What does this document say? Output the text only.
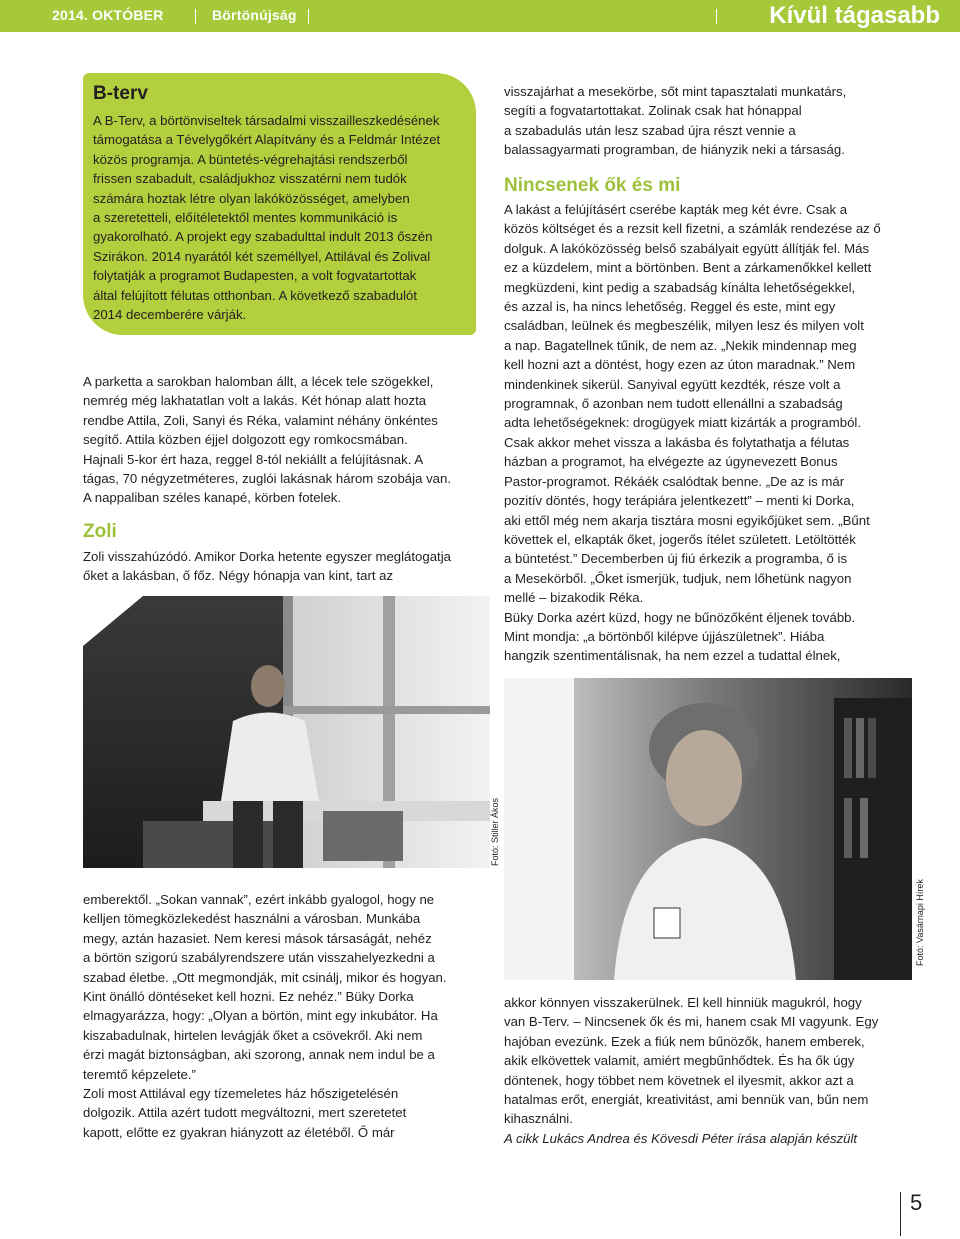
2014. OKTÓBER	Börtönújság	Kívül tágasabb
B-terv
A B-Terv, a börtönviseltek társadalmi visszailleszkedésének
támogatása a Tévelygőkért Alapítvány és a Feldmár Intézet
közös programja. A büntetés-végrehajtási rendszerből
frissen szabadult, családjukhoz visszatérni nem tudók
számára hoztak létre olyan lakóközösséget, amelyben
a szeretetteli, előítéletektől mentes kommunikáció is
gyakorolható. A projekt egy szabadulttal indult 2013 őszén
Szirákon. 2014 nyarától két személlyel, Attilával és Zolival
folytatják a programot Budapesten, a volt fogvatartottak
által felújított félutas otthonban. A következő szabadulót
2014 decemberére várják.
A parketta a sarokban halomban állt, a lécek tele szögekkel,
nemrég még lakhatatlan volt a lakás. Két hónap alatt hozta
rendbe Attila, Zoli, Sanyi és Réka, valamint néhány önkéntes
segítő. Attila közben éjjel dolgozott egy romkocsmában.
Hajnali 5-kor ért haza, reggel 8-tól nekiállt a felújításnak. A
tágas, 70 négyzetméteres, zuglói lakásnak három szobája van.
A nappaliban széles kanapé, körben fotelek.
Zoli
Zoli visszahúzódó. Amikor Dorka hetente egyszer meglátogatja
őket a lakásban, ő főz. Négy hónapja van kint, tart az
Fotó: Stiller Ákos
emberektől. „Sokan vannak”, ezért inkább gyalogol, hogy ne
kelljen tömegközlekedést használni a városban. Munkába
megy, aztán hazasiet. Nem keresi mások társaságát, nehéz
a börtön szigorú szabályrendszere után visszahelyezkedni a
szabad életbe. „Ott megmondják, mit csinálj, mikor és hogyan.
Kint önálló döntéseket kell hozni. Ez nehéz.” Büky Dorka
elmagyarázza, hogy: „Olyan a börtön, mint egy inkubátor. Ha
kiszabadulnak, hirtelen levágják őket a csövekről. Aki nem
érzi magát biztonságban, aki szorong, annak nem indul be a
teremtő képzelete.”
Zoli most Attilával egy tízemeletes ház hőszigetelésén
dolgozik. Attila azért tudott megváltozni, mert szeretetet
kapott, előtte ez gyakran hiányzott az életéből. Ő már
visszajárhat a mesekörbe, sőt mint tapasztalati munkatárs,
segíti a fogvatartottakat. Zolinak csak hat hónappal
a szabadulás után lesz szabad újra részt vennie a
balassagyarmati programban, de hiányzik neki a társaság.
Nincsenek ők és mi
A lakást a felújításért cserébe kapták meg két évre. Csak a
közös költséget és a rezsit kell fizetni, a számlák rendezése az ő
dolguk. A lakóközösség belső szabályait együtt állítják fel. Más
ez a küzdelem, mint a börtönben. Bent a zárkamenőkkel kellett
megküzdeni, kint pedig a szabadság kínálta lehetőségekkel,
és azzal is, ha nincs lehetőség. Reggel és este, mint egy
családban, leülnek és megbeszélik, milyen lesz és milyen volt
a nap. Bagatellnek tűnik, de nem az. „Nekik mindennap meg
kell hozni azt a döntést, hogy ezen az úton maradnak.” Nem
mindenkinek sikerül. Sanyival együtt kezdték, része volt a
programnak, ő azonban nem tudott ellenállni a szabadság
adta lehetőségeknek: drogügyek miatt kizárták a programból.
Csak akkor mehet vissza a lakásba és folytathatja a félutas
házban a programot, ha elvégezte az úgynevezett Bonus
Pastor-programot. Rékáék csalódtak benne. „De az is már
pozitív döntés, hogy terápiára jelentkezett” – menti ki Dorka,
aki ettől még nem akarja tisztára mosni egyikőjüket sem. „Bűnt
követtek el, elkapták őket, jogerős ítélet született. Letöltötték
a büntetést.” Decemberben új fiú érkezik a programba, ő is
a Mesekörből. „Őket ismerjük, tudjuk, nem lőhetünk nagyon
mellé – bizakodik Réka.
Büky Dorka azért küzd, hogy ne bűnözőként éljenek tovább.
Mint mondja: „a börtönből kilépve újjászületnek”. Hiába
hangzik szentimentálisnak, ha nem ezzel a tudattal élnek,
Fotó: Vasárnapi Hírek
akkor könnyen visszakerülnek. El kell hinniük magukról, hogy
van B-Terv. – Nincsenek ők és mi, hanem csak MI vagyunk. Egy
hajóban evezünk. Ezek a fiúk nem bűnözők, hanem emberek,
akik elkövettek valamit, amiért megbűnhődtek. És ha ők úgy
döntenek, hogy többet nem követnek el ilyesmit, akkor azt a
hatalmas erőt, energiát, kreativitást, ami bennük van, bűn nem
kihasználni.
A cikk Lukács Andrea és Kövesdi Péter írása alapján készült
5
